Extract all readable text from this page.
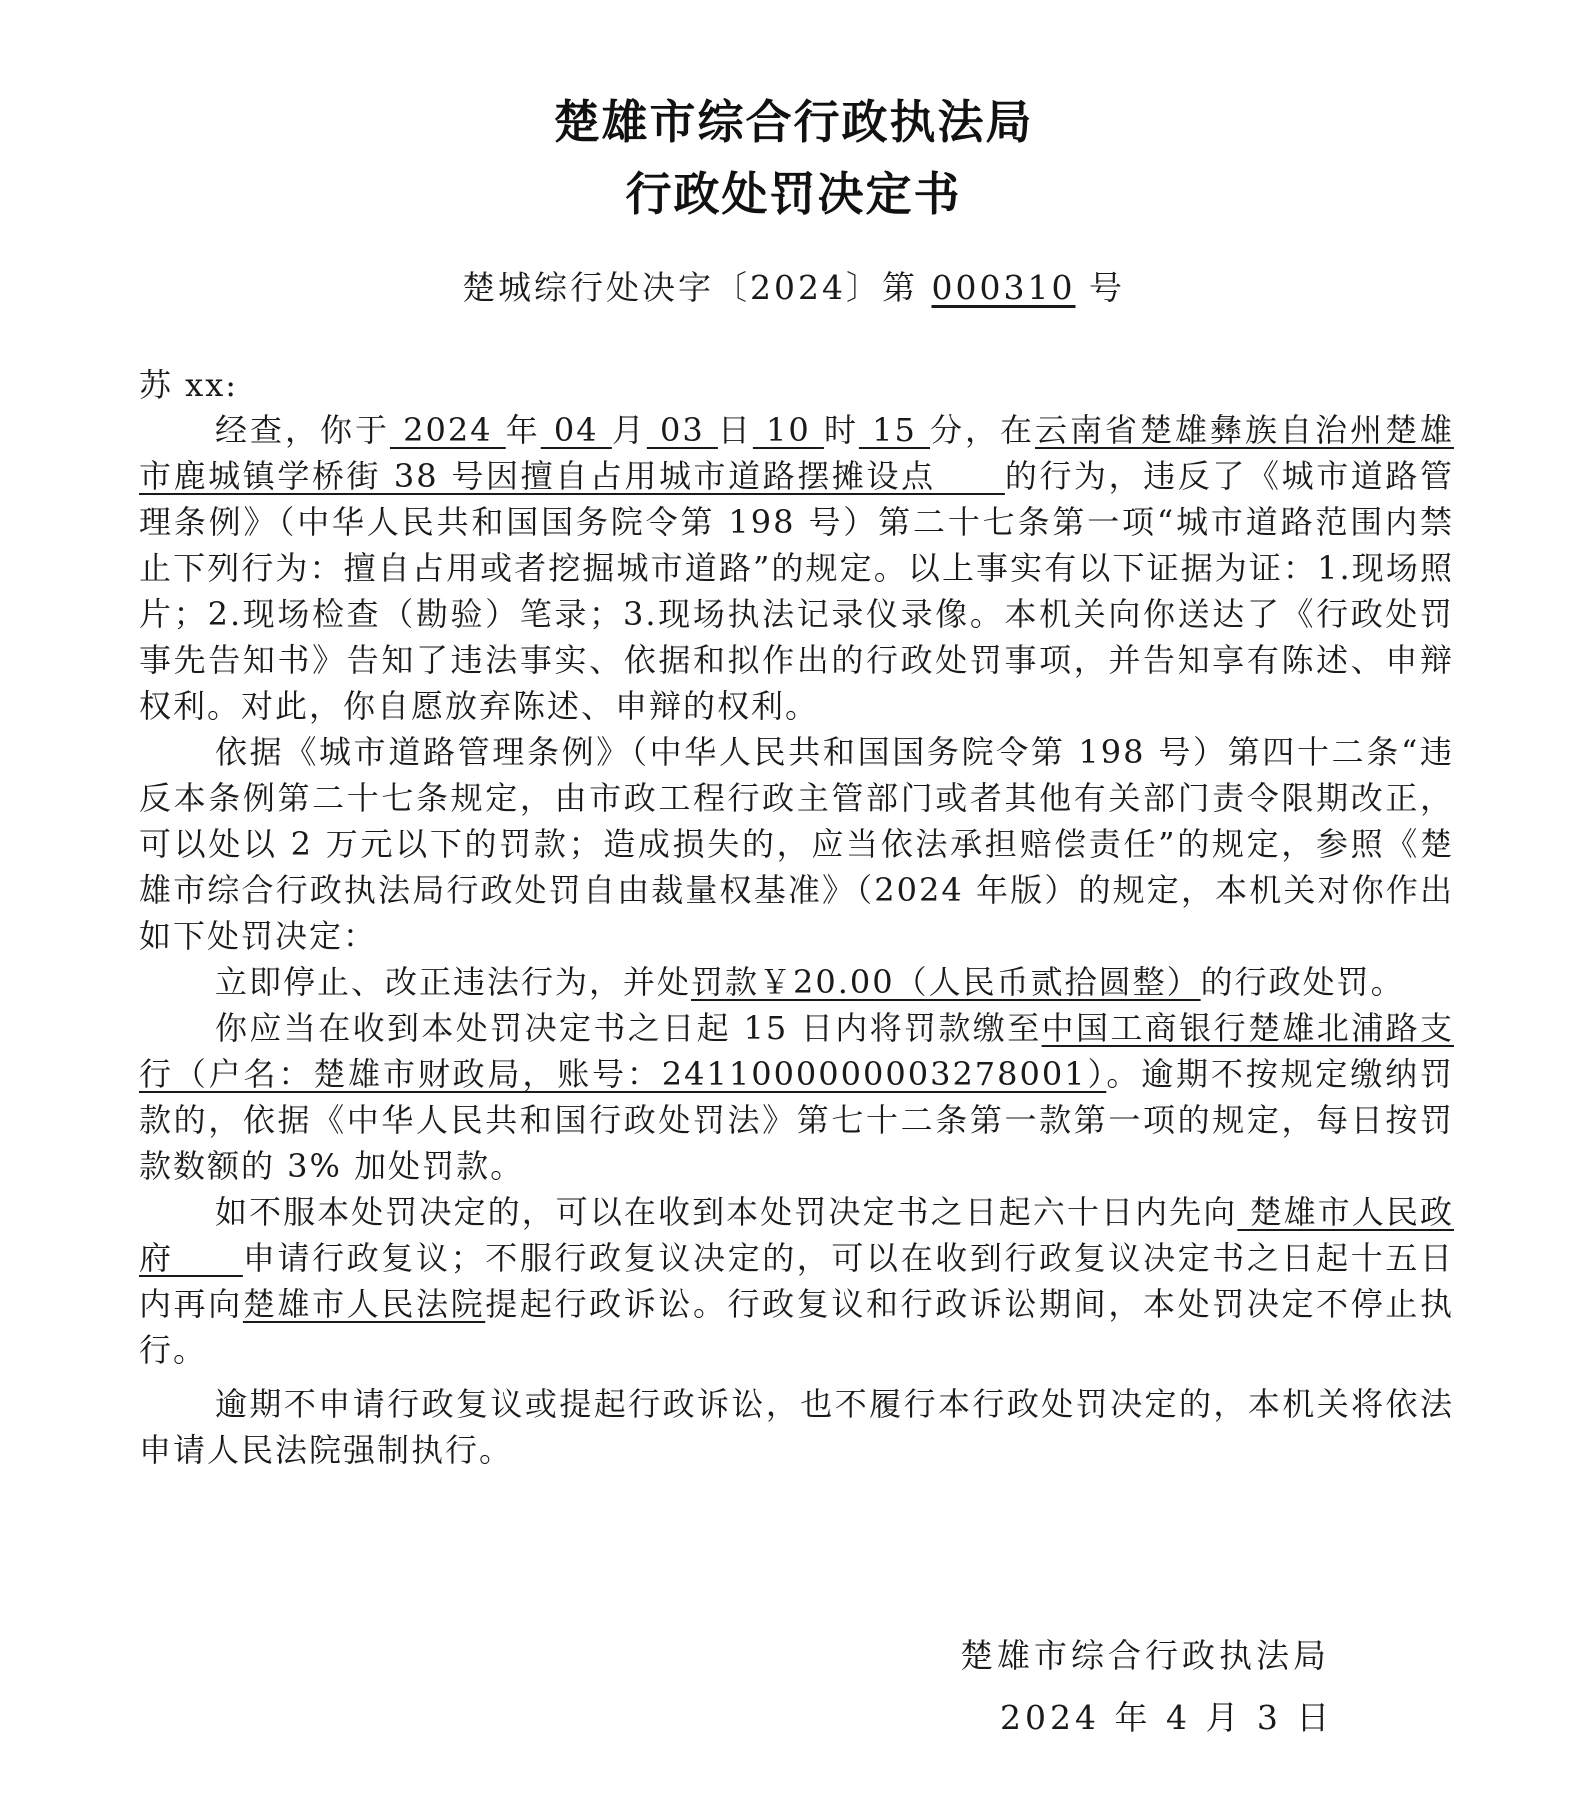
楚雄市综合行政执法局
行政处罚决定书
楚城综行处决字〔2024〕第 000310 号
苏 xx:

经查，你于 2024 年 04 月 03 日 10 时 15 分，在云南省楚雄彝族自治州楚雄市鹿城镇学桥街 38 号因擅自占用城市道路摆摊设点　　的行为，违反了《城市道路管理条例》（中华人民共和国国务院令第 198 号）第二十七条第一项“城市道路范围内禁止下列行为：擅自占用或者挖掘城市道路”的规定。以上事实有以下证据为证：1.现场照片；2.现场检查（勘验）笔录；3.现场执法记录仪录像。本机关向你送达了《行政处罚事先告知书》告知了违法事实、依据和拟作出的行政处罚事项，并告知享有陈述、申辩权利。对此，你自愿放弃陈述、申辩的权利。

依据《城市道路管理条例》（中华人民共和国国务院令第 198 号）第四十二条“违反本条例第二十七条规定，由市政工程行政主管部门或者其他有关部门责令限期改正，可以处以 2 万元以下的罚款；造成损失的，应当依法承担赔偿责任”的规定，参照《楚雄市综合行政执法局行政处罚自由裁量权基准》（2024 年版）的规定，本机关对你作出如下处罚决定：

立即停止、改正违法行为，并处罚款￥20.00（人民币贰拾圆整）的行政处罚。

你应当在收到本处罚决定书之日起 15 日内将罚款缴至中国工商银行楚雄北浦路支行（户名：楚雄市财政局，账号：2411000000003278001）。逾期不按规定缴纳罚款的，依据《中华人民共和国行政处罚法》第七十二条第一款第一项的规定，每日按罚款数额的 3% 加处罚款。

如不服本处罚决定的，可以在收到本处罚决定书之日起六十日内先向 楚雄市人民政府　　申请行政复议；不服行政复议决定的，可以在收到行政复议决定书之日起十五日内再向楚雄市人民法院提起行政诉讼。行政复议和行政诉讼期间，本处罚决定不停止执行。

逾期不申请行政复议或提起行政诉讼，也不履行本行政处罚决定的，本机关将依法申请人民法院强制执行。

楚雄市综合行政执法局
2024 年 4 月 3 日
